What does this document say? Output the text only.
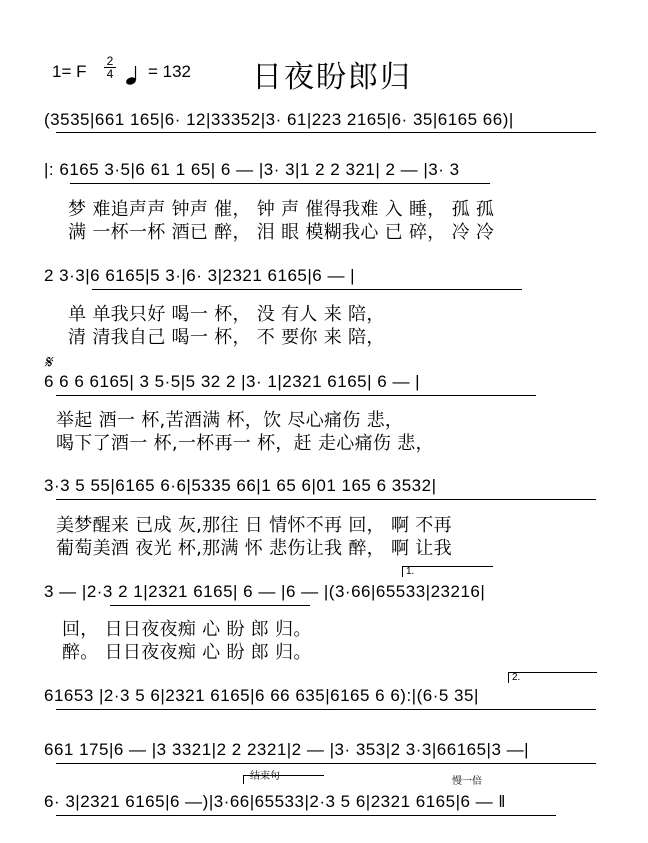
1= F $\frac{2}{4} = 132$ 日夜盼郎归
(3535|661 165|6· 12|33352|3· 61|223 2165|6· 35|6165 66)|
|: 6165 3·5|6 61 1 65| 6 — |3· 3|1 2 2 321| 2 — |3· 3
梦 难追声声 钟声 催， 钟 声 催得我难 入 睡， 孤 孤
满 一杯一杯 酒已 醉， 泪 眼 模糊我心 已 碎， 冷 冷
2 3·3|6 6165|5 3·|6· 3|2321 6165|6 — |
单 单我只好 喝一 杯， 没 有人 来 陪，
清 清我自己 喝一 杯， 不 要你 来 陪，
𝄋
6 6 6 6165| 3 5·5|5 32 2 |3· 1|2321 6165| 6 — |
举起 酒一 杯,苦酒满 杯，饮 尽心痛伤 悲，
喝下了酒一 杯,一杯再一 杯，赶 走心痛伤 悲，
3·3 5 55|6165 6·6|5335 66|1 65 6|01 165 6 3532|
美梦醒来 已成 灰,那往 日 情怀不再 回， 啊 不再
葡萄美酒 夜光 杯,那满 怀 悲伤让我 醉， 啊 让我
1.
3 — |2·3 2 1|2321 6165| 6 — |6 — |(3·66|65533|23216|
回， 日日夜夜痴 心 盼 郎 归。
醉。 日日夜夜痴 心 盼 郎 归。
2.
61653 |2·3 5 6|2321 6165|6 66 635|6165 6 6):|(6·5 35|
661 175|6 — |3 3321|2 2 2321|2 — |3· 353|2 3·3|66165|3 —|
结束句	慢一倍
6· 3|2321 6165|6 —)|3·66|65533|2·3 5 6|2321 6165|6 — ‖
